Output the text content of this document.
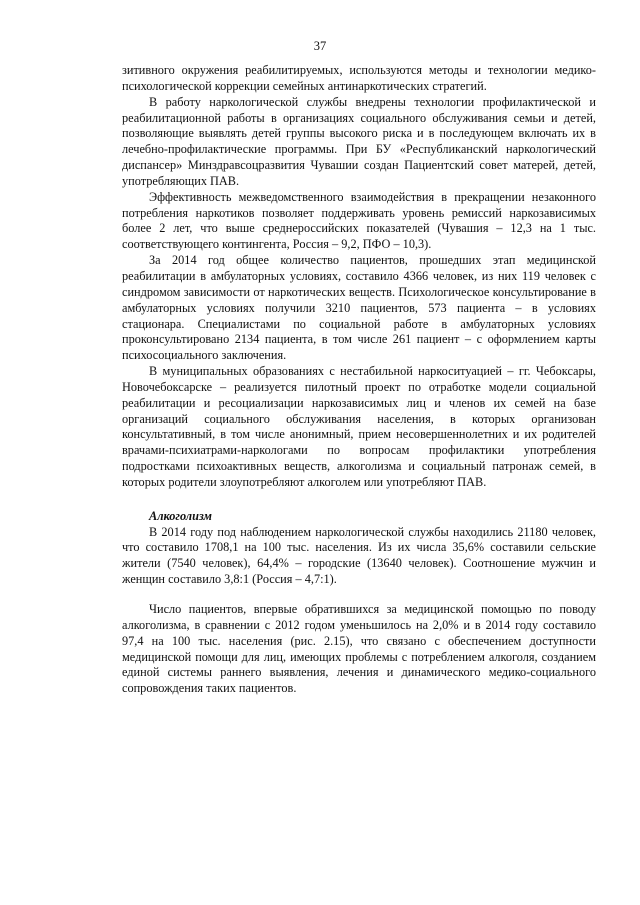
37

зитивного окружения реабилитируемых, используются методы и технологии медико-психологической коррекции семейных антинаркотических стратегий.

В работу наркологической службы внедрены технологии профилактической и реабилитационной работы в организациях социального обслуживания семьи и детей, позволяющие выявлять детей группы высокого риска и в последующем включать их в лечебно-профилактические программы. При БУ «Республиканский наркологический диспансер» Минздравсоцразвития Чувашии создан Пациентский совет матерей, детей, употребляющих ПАВ.

Эффективность межведомственного взаимодействия в прекращении незаконного потребления наркотиков позволяет поддерживать уровень ремиссий наркозависимых более 2 лет, что выше среднероссийских показателей (Чувашия – 12,3 на 1 тыс. соответствующего контингента, Россия – 9,2, ПФО – 10,3).

За 2014 год общее количество пациентов, прошедших этап медицинской реабилитации в амбулаторных условиях, составило 4366 человек, из них 119 человек с синдромом зависимости от наркотических веществ. Психологическое консультирование в амбулаторных условиях получили 3210 пациентов, 573 пациента – в условиях стационара. Специалистами по социальной работе в амбулаторных условиях проконсультировано 2134 пациента, в том числе 261 пациент – с оформлением карты психосоциального заключения.

В муниципальных образованиях с нестабильной наркоситуацией – гг. Чебоксары, Новочебоксарске – реализуется пилотный проект по отработке модели социальной реабилитации и ресоциализации наркозависимых лиц и членов их семей на базе организаций социального обслуживания населения, в которых организован консультативный, в том числе анонимный, прием несовершеннолетних и их родителей врачами-психиатрами-наркологами по вопросам профилактики употребления подростками психоактивных веществ, алкоголизма и социальный патронаж семей, в которых родители злоупотребляют алкоголем или употребляют ПАВ.

Алкоголизм

В 2014 году под наблюдением наркологической службы находились 21180 человек, что составило 1708,1 на 100 тыс. населения. Из их числа 35,6% составили сельские жители (7540 человек), 64,4% – городские (13640 человек). Соотношение мужчин и женщин составило 3,8:1 (Россия – 4,7:1).

Число пациентов, впервые обратившихся за медицинской помощью по поводу алкоголизма, в сравнении с 2012 годом уменьшилось на 2,0% и в 2014 году составило 97,4 на 100 тыс. населения (рис. 2.15), что связано с обеспечением доступности медицинской помощи для лиц, имеющих проблемы с потреблением алкоголя, созданием единой системы раннего выявления, лечения и динамического медико-социального сопровождения таких пациентов.
